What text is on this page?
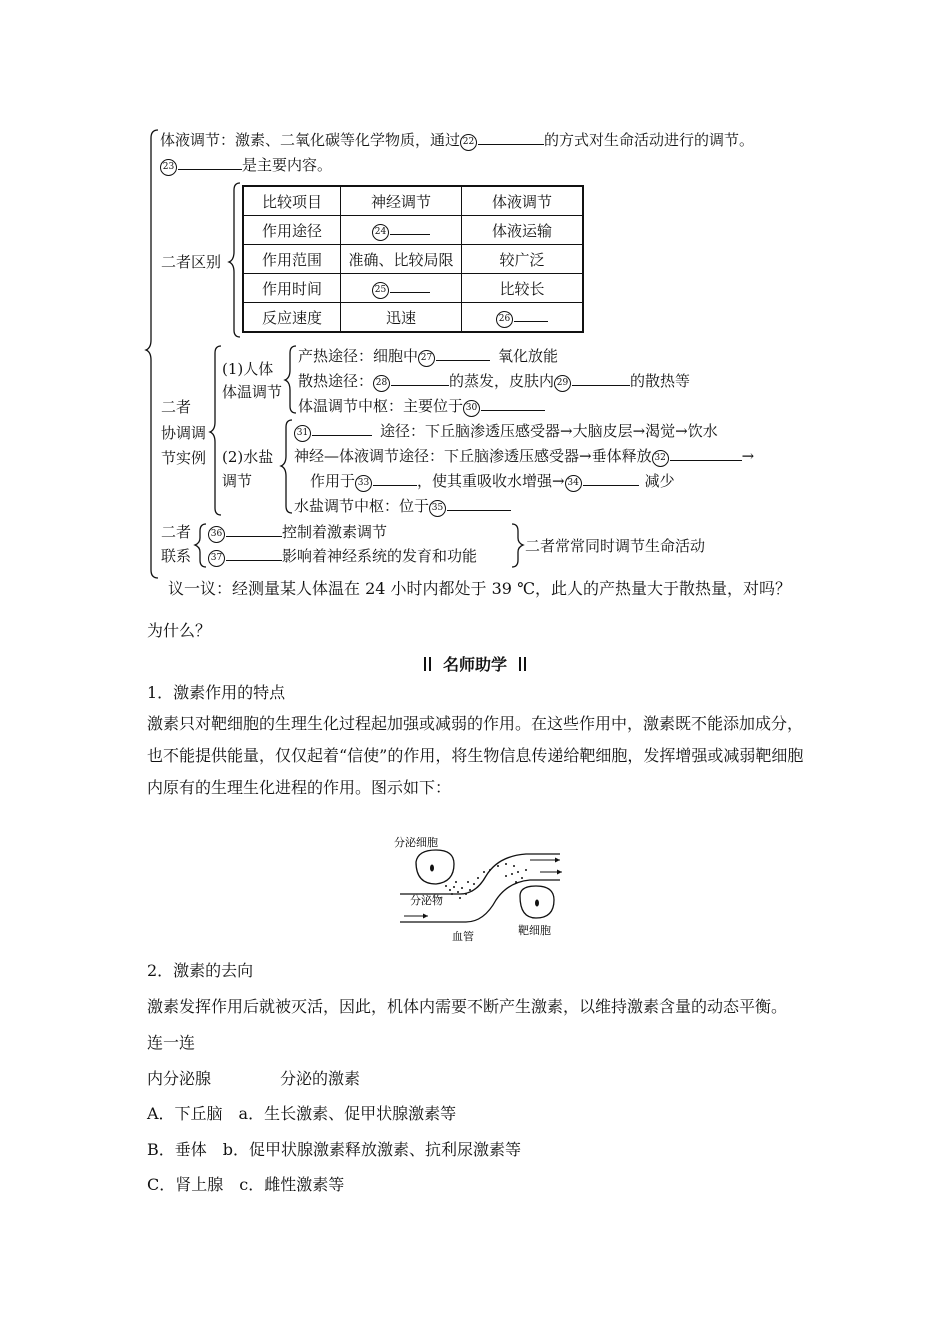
体液调节：激素、二氧化碳等化学物质，通过 22	的方式对生命活动进行的调节。
23	是主要内容。
二者区别
比较项目	神经调节	体液调节
作用途径	24	体液运输
作用范围	准确、比较局限	较广泛
作用时间	25	比较长
反应速度	迅速	26
二者
协调调
节实例
(1)人体
体温调节
产热途径：细胞中 27	氧化放能
散热途径： 28	的蒸发，皮肤内 29	的散热等
体温调节中枢：主要位于 30
(2)水盐
调节
31	途径：下丘脑渗透压感受器→大脑皮层→渴觉→饮水
神经—体液调节途径：下丘脑渗透压感受器→垂体释放 32	→
作用于 33	，使其重吸收水增强→ 34	减少
水盐调节中枢：位于 35
二者
联系
36	控制着激素调节
37	影响着神经系统的发育和功能
二者常常同时调节生命活动
议一议：经测量某人体温在 24 小时内都处于 39 ℃，此人的产热量大于散热量，对吗？
为什么？
名师助学
1．激素作用的特点
激素只对靶细胞的生理生化过程起加强或减弱的作用。在这些作用中，激素既不能添加成分，也不能提供能量，仅仅起着“信使”的作用，将生物信息传递给靶细胞，发挥增强或减弱靶细胞内原有的生理生化进程的作用。图示如下：
分泌细胞
分泌物
血管	靶细胞
2．激素的去向
激素发挥作用后就被灭活，因此，机体内需要不断产生激素，以维持激素含量的动态平衡。
连一连
内分泌腺	分泌的激素
A．下丘脑　a．生长激素、促甲状腺激素等
B．垂体　b．促甲状腺激素释放激素、抗利尿激素等
C．肾上腺　c．雌性激素等
